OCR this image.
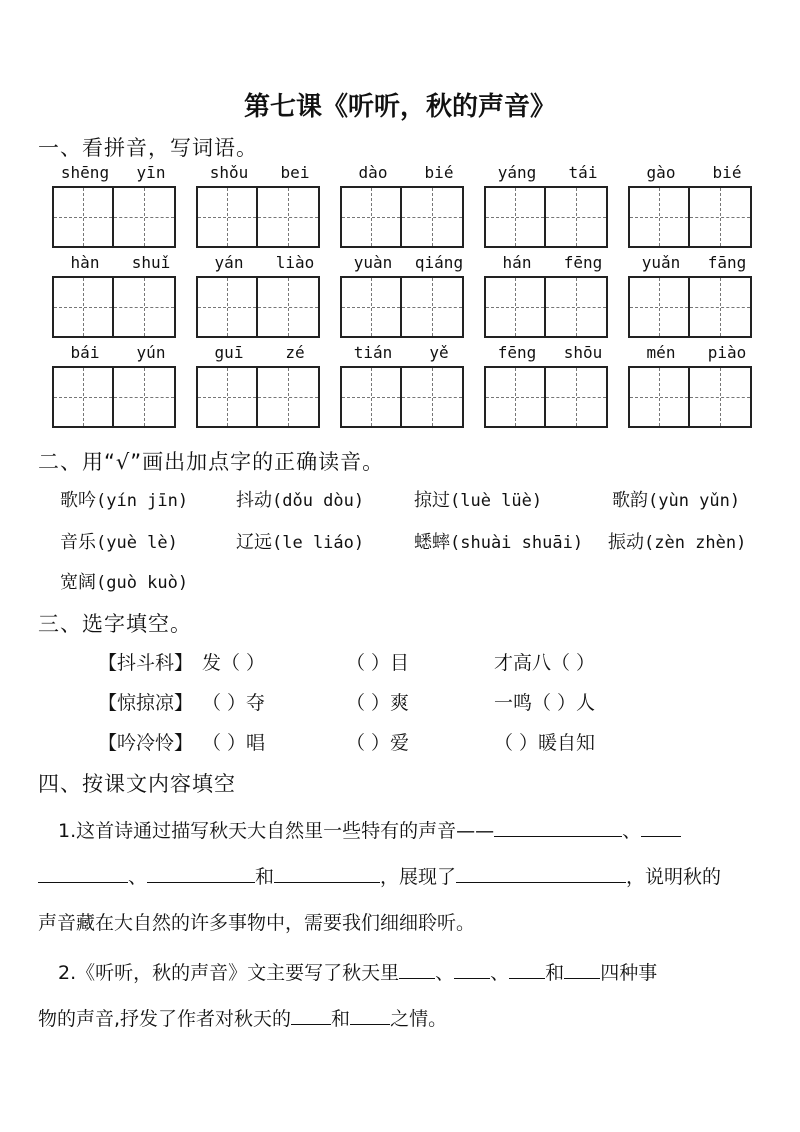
第七课《听听，秋的声音》
一、看拼音，写词语。
shēng	yīn	shǒu	bei	dào	bié	yáng	tái	gào	bié
hàn	shuǐ	yán	liào	yuàn	qiáng	hán	fēng	yuǎn	fāng
bái	yún	guī	zé	tián	yě	fēng	shōu	mén	piào
二、用“√”画出加点字的正确读音。
歌吟(yín jīn)	抖动(dǒu dòu)	掠过(luè lüè)	歌韵(yùn yǔn)
音乐(yuè lè)	辽远(le liáo)	蟋蟀(shuài shuāi) 振动(zèn zhèn)
宽阔(guò kuò)
三、选字填空。
【抖斗科】 发（ ）	（ ）目	才高八（ ）
【惊掠凉】 （ ）夺	（ ）爽	一鸣（ ）人
【吟冷怜】 （ ）唱	（ ）爱	（ ）暖自知
四、按课文内容填空
1.这首诗通过描写秋天大自然里一些特有的声音——	、
、	和	，展现了	，说明秋的
声音藏在大自然的许多事物中，需要我们细细聆听。
2.《听听，秋的声音》文主要写了秋天里 、 、 和 四种事
物的声音,抒发了作者对秋天的 和 之情。
